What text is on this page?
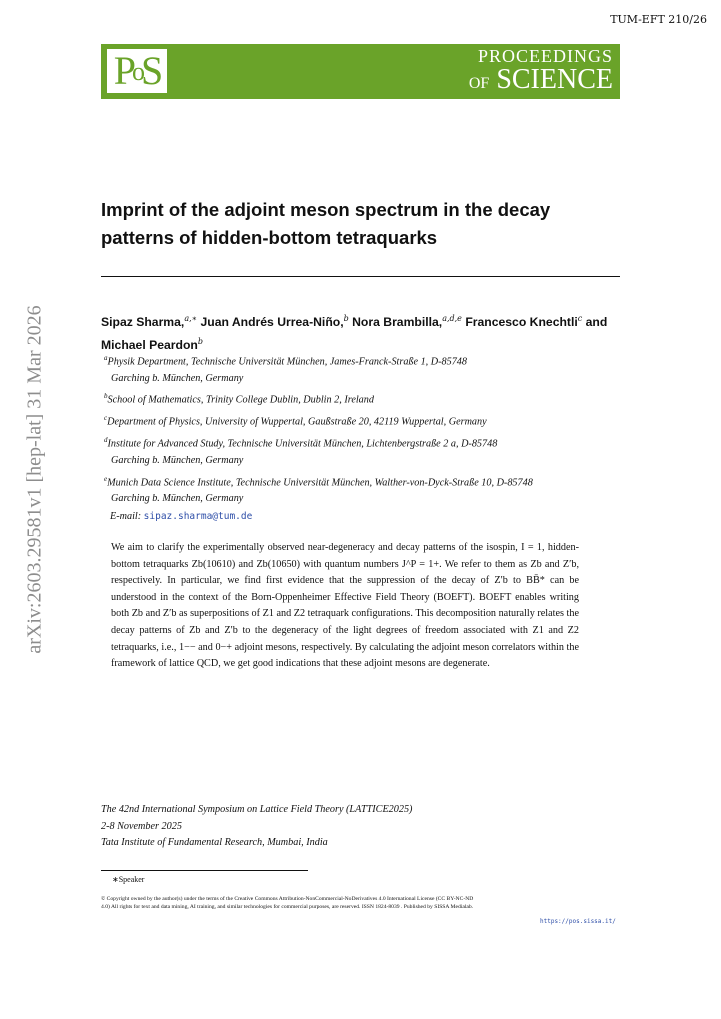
TUM-EFT 210/26
PoS	PROCEEDINGS
OF SCIENCE
arXiv:2603.29581v1 [hep-lat] 31 Mar 2026
Imprint of the adjoint meson spectrum in the decay patterns of hidden-bottom tetraquarks
Sipaz Sharma,$^{a,∗}$ Juan Andrés Urrea-Niño,$^b$ Nora Brambilla,$^{a,d,e}$ Francesco Knechtli$^c$ and Michael Peardon$^b$
$^a$Physik Department, Technische Universität München, James-Franck-Straße 1, D-85748
Garching b. München, Germany
$^b$School of Mathematics, Trinity College Dublin, Dublin 2, Ireland
$^c$Department of Physics, University of Wuppertal, Gaußstraße 20, 42119 Wuppertal, Germany
$^d$Institute for Advanced Study, Technische Universität München, Lichtenbergstraße 2 a, D-85748
Garching b. München, Germany
$^e$Munich Data Science Institute, Technische Universität München, Walther-von-Dyck-Straße 10, D-85748
Garching b. München, Germany
E-mail: sipaz.sharma@tum.de
We aim to clarify the experimentally observed near-degeneracy and decay patterns of the isospin, I = 1, hidden-bottom tetraquarks Zb(10610) and Zb(10650) with quantum numbers J^P = 1+. We refer to them as Zb and Z′b, respectively. In particular, we find first evidence that the suppression of the decay of Z′b to BB̄* can be understood in the context of the Born-Oppenheimer Effective Field Theory (BOEFT). BOEFT enables writing both Zb and Z′b as superpositions of Z1 and Z2 tetraquark configurations. This decomposition naturally relates the decay patterns of Zb and Z′b to the degeneracy of the light degrees of freedom associated with Z1 and Z2 tetraquarks, i.e., 1−− and 0−+ adjoint mesons, respectively. By calculating the adjoint meson correlators within the framework of lattice QCD, we get good indications that these adjoint mesons are degenerate.
The 42nd International Symposium on Lattice Field Theory (LATTICE2025)
2-8 November 2025
Tata Institute of Fundamental Research, Mumbai, India
∗Speaker
© Copyright owned by the author(s) under the terms of the Creative Commons Attribution-NonCommercial-NoDerivatives 4.0 International License (CC BY-NC-ND 4.0) All rights for text and data mining, AI training, and similar technologies for commercial purposes, are reserved. ISSN 1824-8039 . Published by SISSA Medialab.
https://pos.sissa.it/
